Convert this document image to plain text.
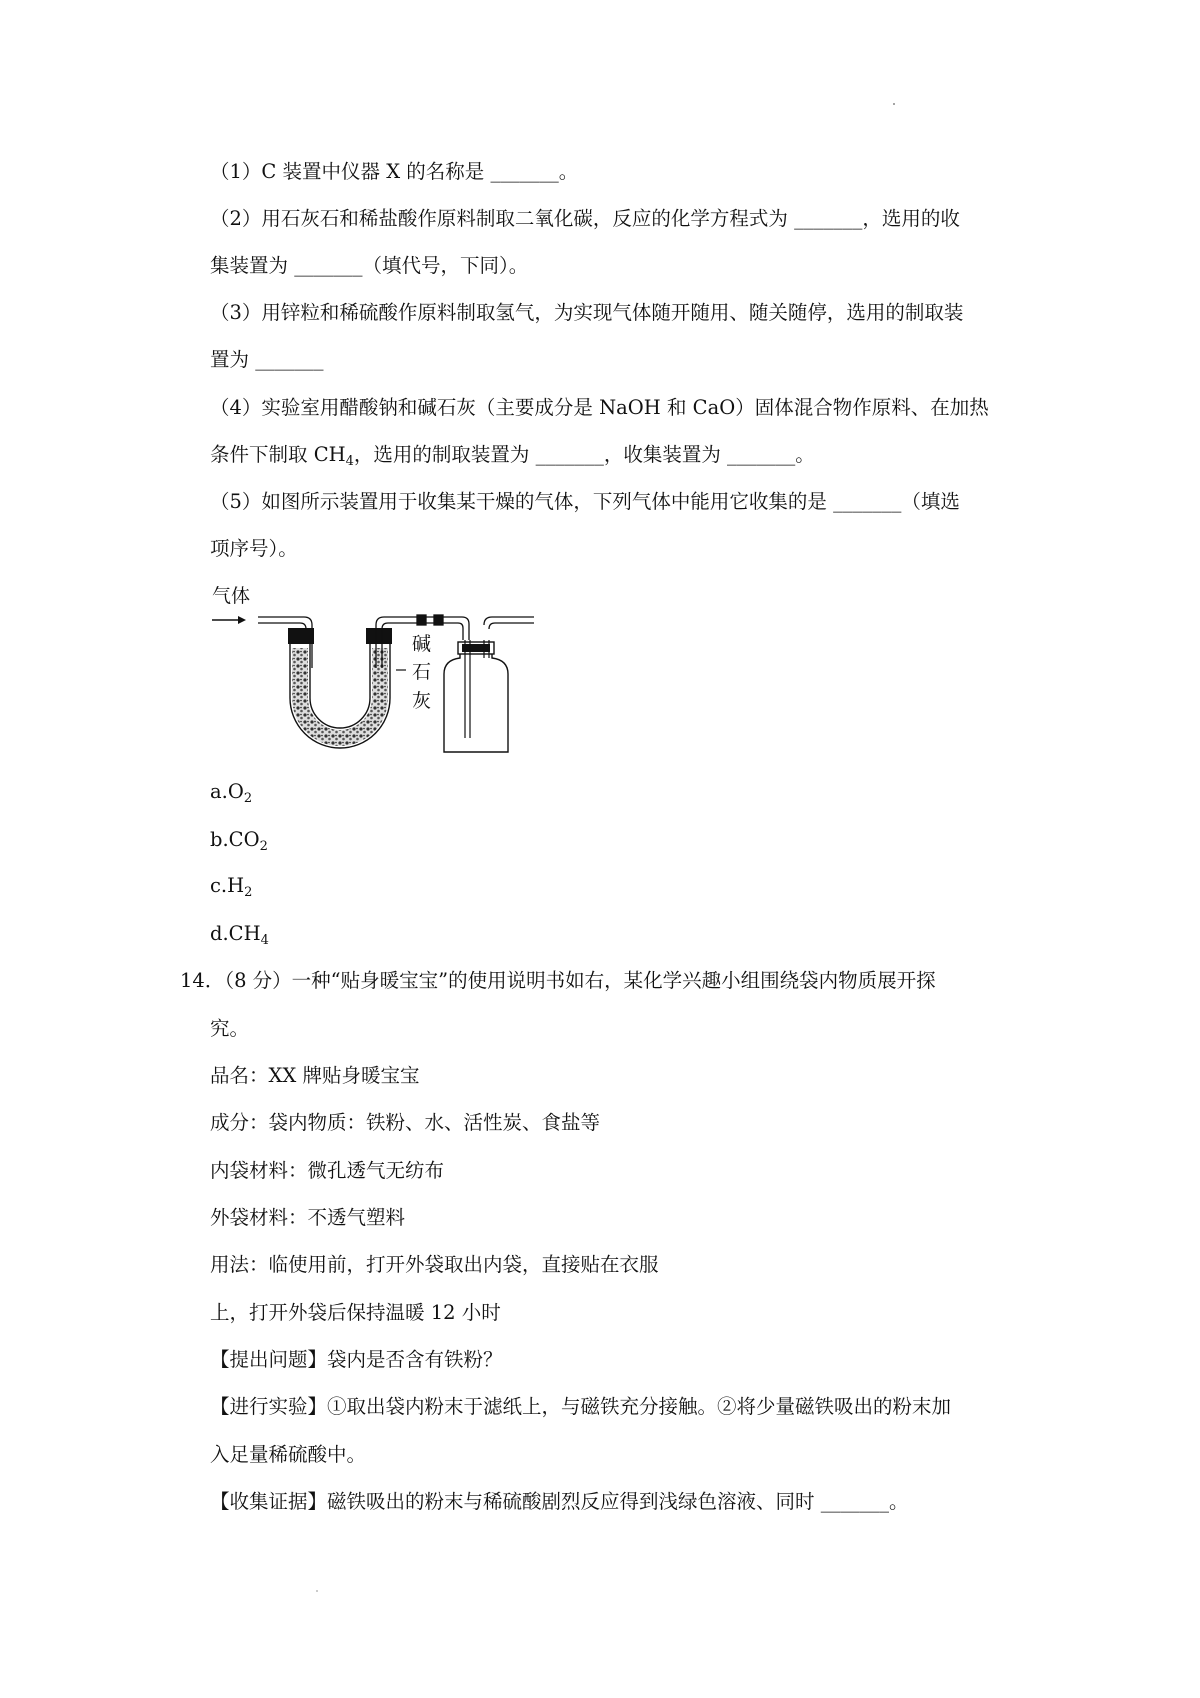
（1）C 装置中仪器 X 的名称是 _______。
（2）用石灰石和稀盐酸作原料制取二氧化碳，反应的化学方程式为 _______，选用的收
集装置为 _______（填代号，下同）。
（3）用锌粒和稀硫酸作原料制取氢气，为实现气体随开随用、随关随停，选用的制取装
置为 _______
（4）实验室用醋酸钠和碱石灰（主要成分是 NaOH 和 CaO）固体混合物作原料、在加热
条件下制取 $CH_4$，选用的制取装置为 _______，收集装置为 _______。
（5）如图所示装置用于收集某干燥的气体，下列气体中能用它收集的是 _______（填选
项序号）。
气体
碱
石
灰
$a.O_2$
$b.CO_2$
$c.H_2$
$d.CH_4$
14．（8 分）一种“贴身暖宝宝”的使用说明书如右，某化学兴趣小组围绕袋内物质展开探
究。
品名：XX 牌贴身暖宝宝
成分：袋内物质：铁粉、水、活性炭、食盐等
内袋材料：微孔透气无纺布
外袋材料：不透气塑料
用法：临使用前，打开外袋取出内袋，直接贴在衣服
上，打开外袋后保持温暖 12 小时
【提出问题】袋内是否含有铁粉？
【进行实验】①取出袋内粉末于滤纸上，与磁铁充分接触。②将少量磁铁吸出的粉末加
入足量稀硫酸中。
【收集证据】磁铁吸出的粉末与稀硫酸剧烈反应得到浅绿色溶液、同时 _______。
